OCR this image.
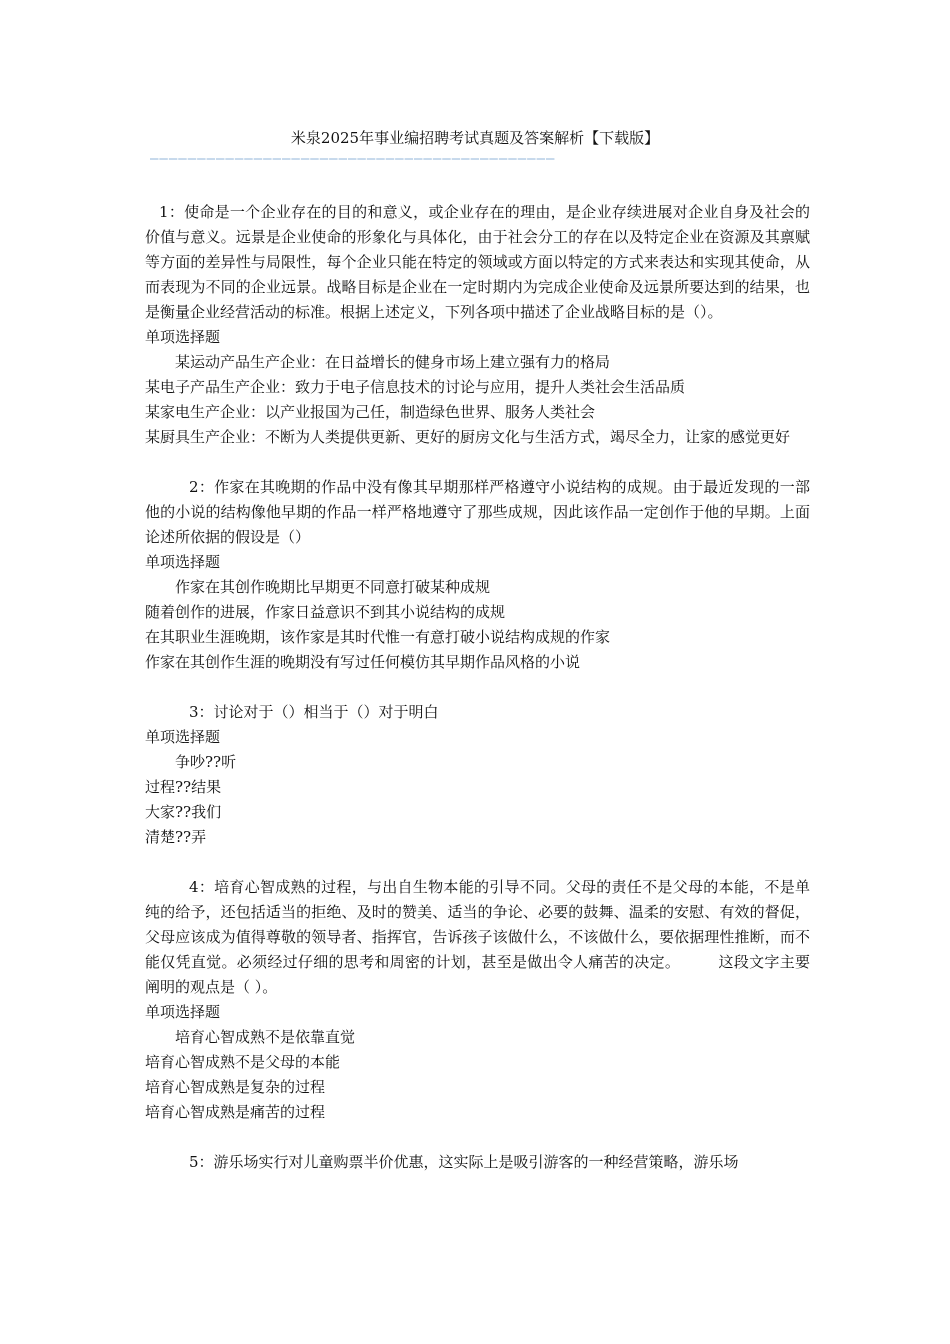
米泉2025年事业编招聘考试真题及答案解析【下载版】
———————————————————————————————————————————

1：使命是一个企业存在的目的和意义，或企业存在的理由，是企业存续进展对企业自身及社会的价值与意义。远景是企业使命的形象化与具体化，由于社会分工的存在以及特定企业在资源及其禀赋等方面的差异性与局限性，每个企业只能在特定的领域或方面以特定的方式来表达和实现其使命，从而表现为不同的企业远景。战略目标是企业在一定时期内为完成企业使命及远景所要达到的结果，也是衡量企业经营活动的标准。根据上述定义，下列各项中描述了企业战略目标的是（）。

单项选择题

某运动产品生产企业：在日益增长的健身市场上建立强有力的格局

某电子产品生产企业：致力于电子信息技术的讨论与应用，提升人类社会生活品质

某家电生产企业：以产业报国为己任，制造绿色世界、服务人类社会

某厨具生产企业：不断为人类提供更新、更好的厨房文化与生活方式，竭尽全力，让家的感觉更好

2：作家在其晚期的作品中没有像其早期那样严格遵守小说结构的成规。由于最近发现的一部他的小说的结构像他早期的作品一样严格地遵守了那些成规，因此该作品一定创作于他的早期。上面论述所依据的假设是（）

单项选择题

作家在其创作晚期比早期更不同意打破某种成规

随着创作的进展，作家日益意识不到其小说结构的成规

在其职业生涯晚期，该作家是其时代惟一有意打破小说结构成规的作家

作家在其创作生涯的晚期没有写过任何模仿其早期作品风格的小说

3：讨论对于（）相当于（）对于明白

单项选择题

争吵??听

过程??结果

大家??我们

清楚??弄

4：培育心智成熟的过程，与出自生物本能的引导不同。父母的责任不是父母的本能，不是单纯的给予，还包括适当的拒绝、及时的赞美、适当的争论、必要的鼓舞、温柔的安慰、有效的督促，父母应该成为值得尊敬的领导者、指挥官，告诉孩子该做什么，不该做什么，要依据理性推断，而不能仅凭直觉。必须经过仔细的思考和周密的计划，甚至是做出令人痛苦的决定。　　　这段文字主要阐明的观点是（ ）。

单项选择题

培育心智成熟不是依靠直觉

培育心智成熟不是父母的本能

培育心智成熟是复杂的过程

培育心智成熟是痛苦的过程

5：游乐场实行对儿童购票半价优惠，这实际上是吸引游客的一种经营策略，游乐场
